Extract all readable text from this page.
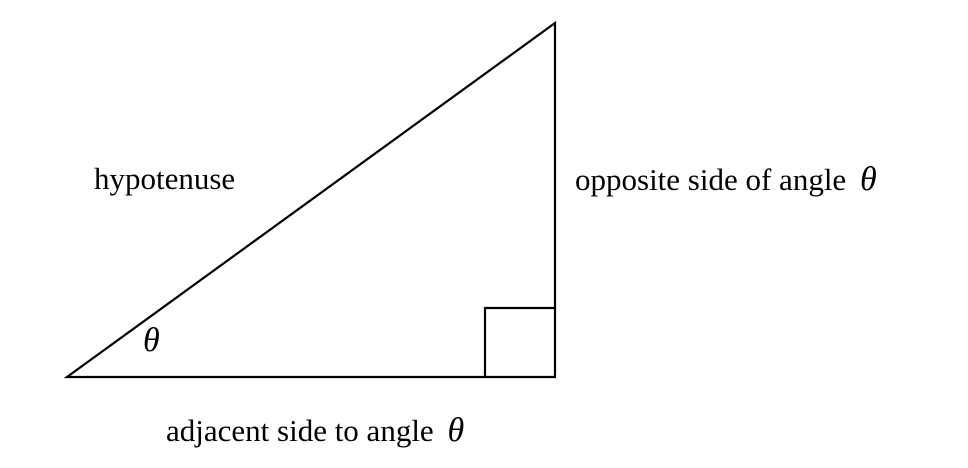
hypotenuse	opposite side of angle θ
θ
adjacent side to angle θ
